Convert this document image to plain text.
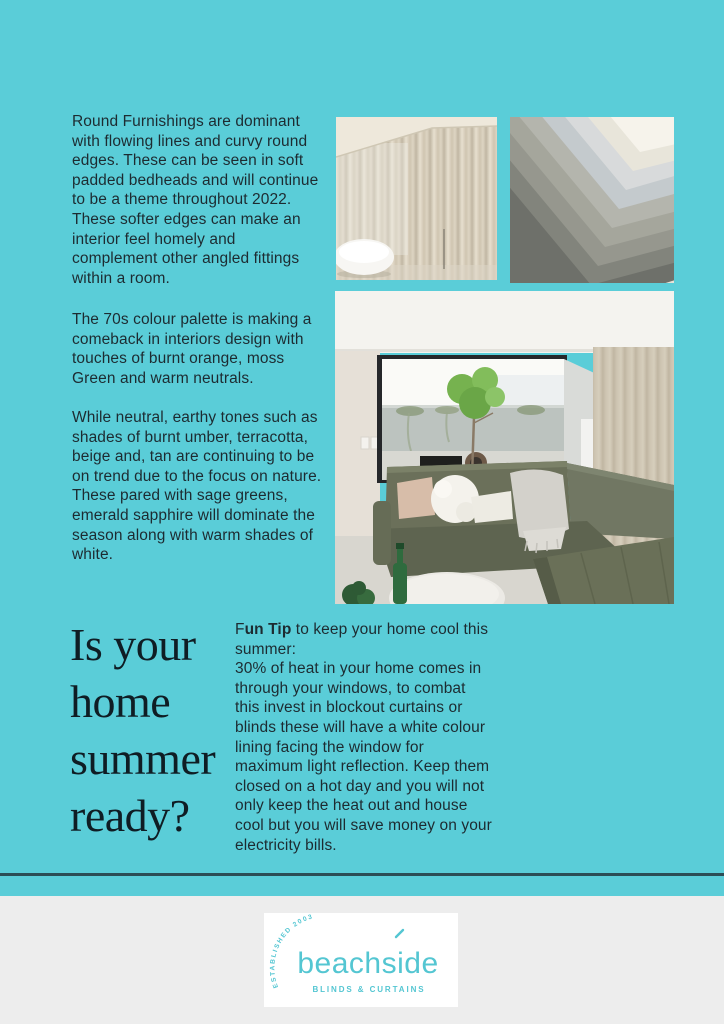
Round Furnishings are dominant with flowing lines and curvy round edges. These can be seen in soft padded bedheads and will continue to be a theme throughout 2022. These softer edges can make an interior feel homely and complement other angled fittings within a room.

The 70s colour palette is making a comeback in interiors design with touches of burnt orange, moss Green and warm neutrals.

While neutral, earthy tones such as shades of burnt umber, terracotta, beige and, tan are continuing to be on trend due to the focus on nature. These pared with sage greens, emerald sapphire will dominate the season along with warm shades of white.

Is your
home
summer
ready?

Fun Tip to keep your home cool this summer:

30% of heat in your home comes in through your windows, to combat this invest in blockout curtains or blinds these will have a white colour lining facing the window for maximum light reflection. Keep them closed on a hot day and you will not only keep the heat out and house cool but you will save money on your electricity bills.

ESTABLISHED 2003
beachside
BLINDS & CURTAINS
